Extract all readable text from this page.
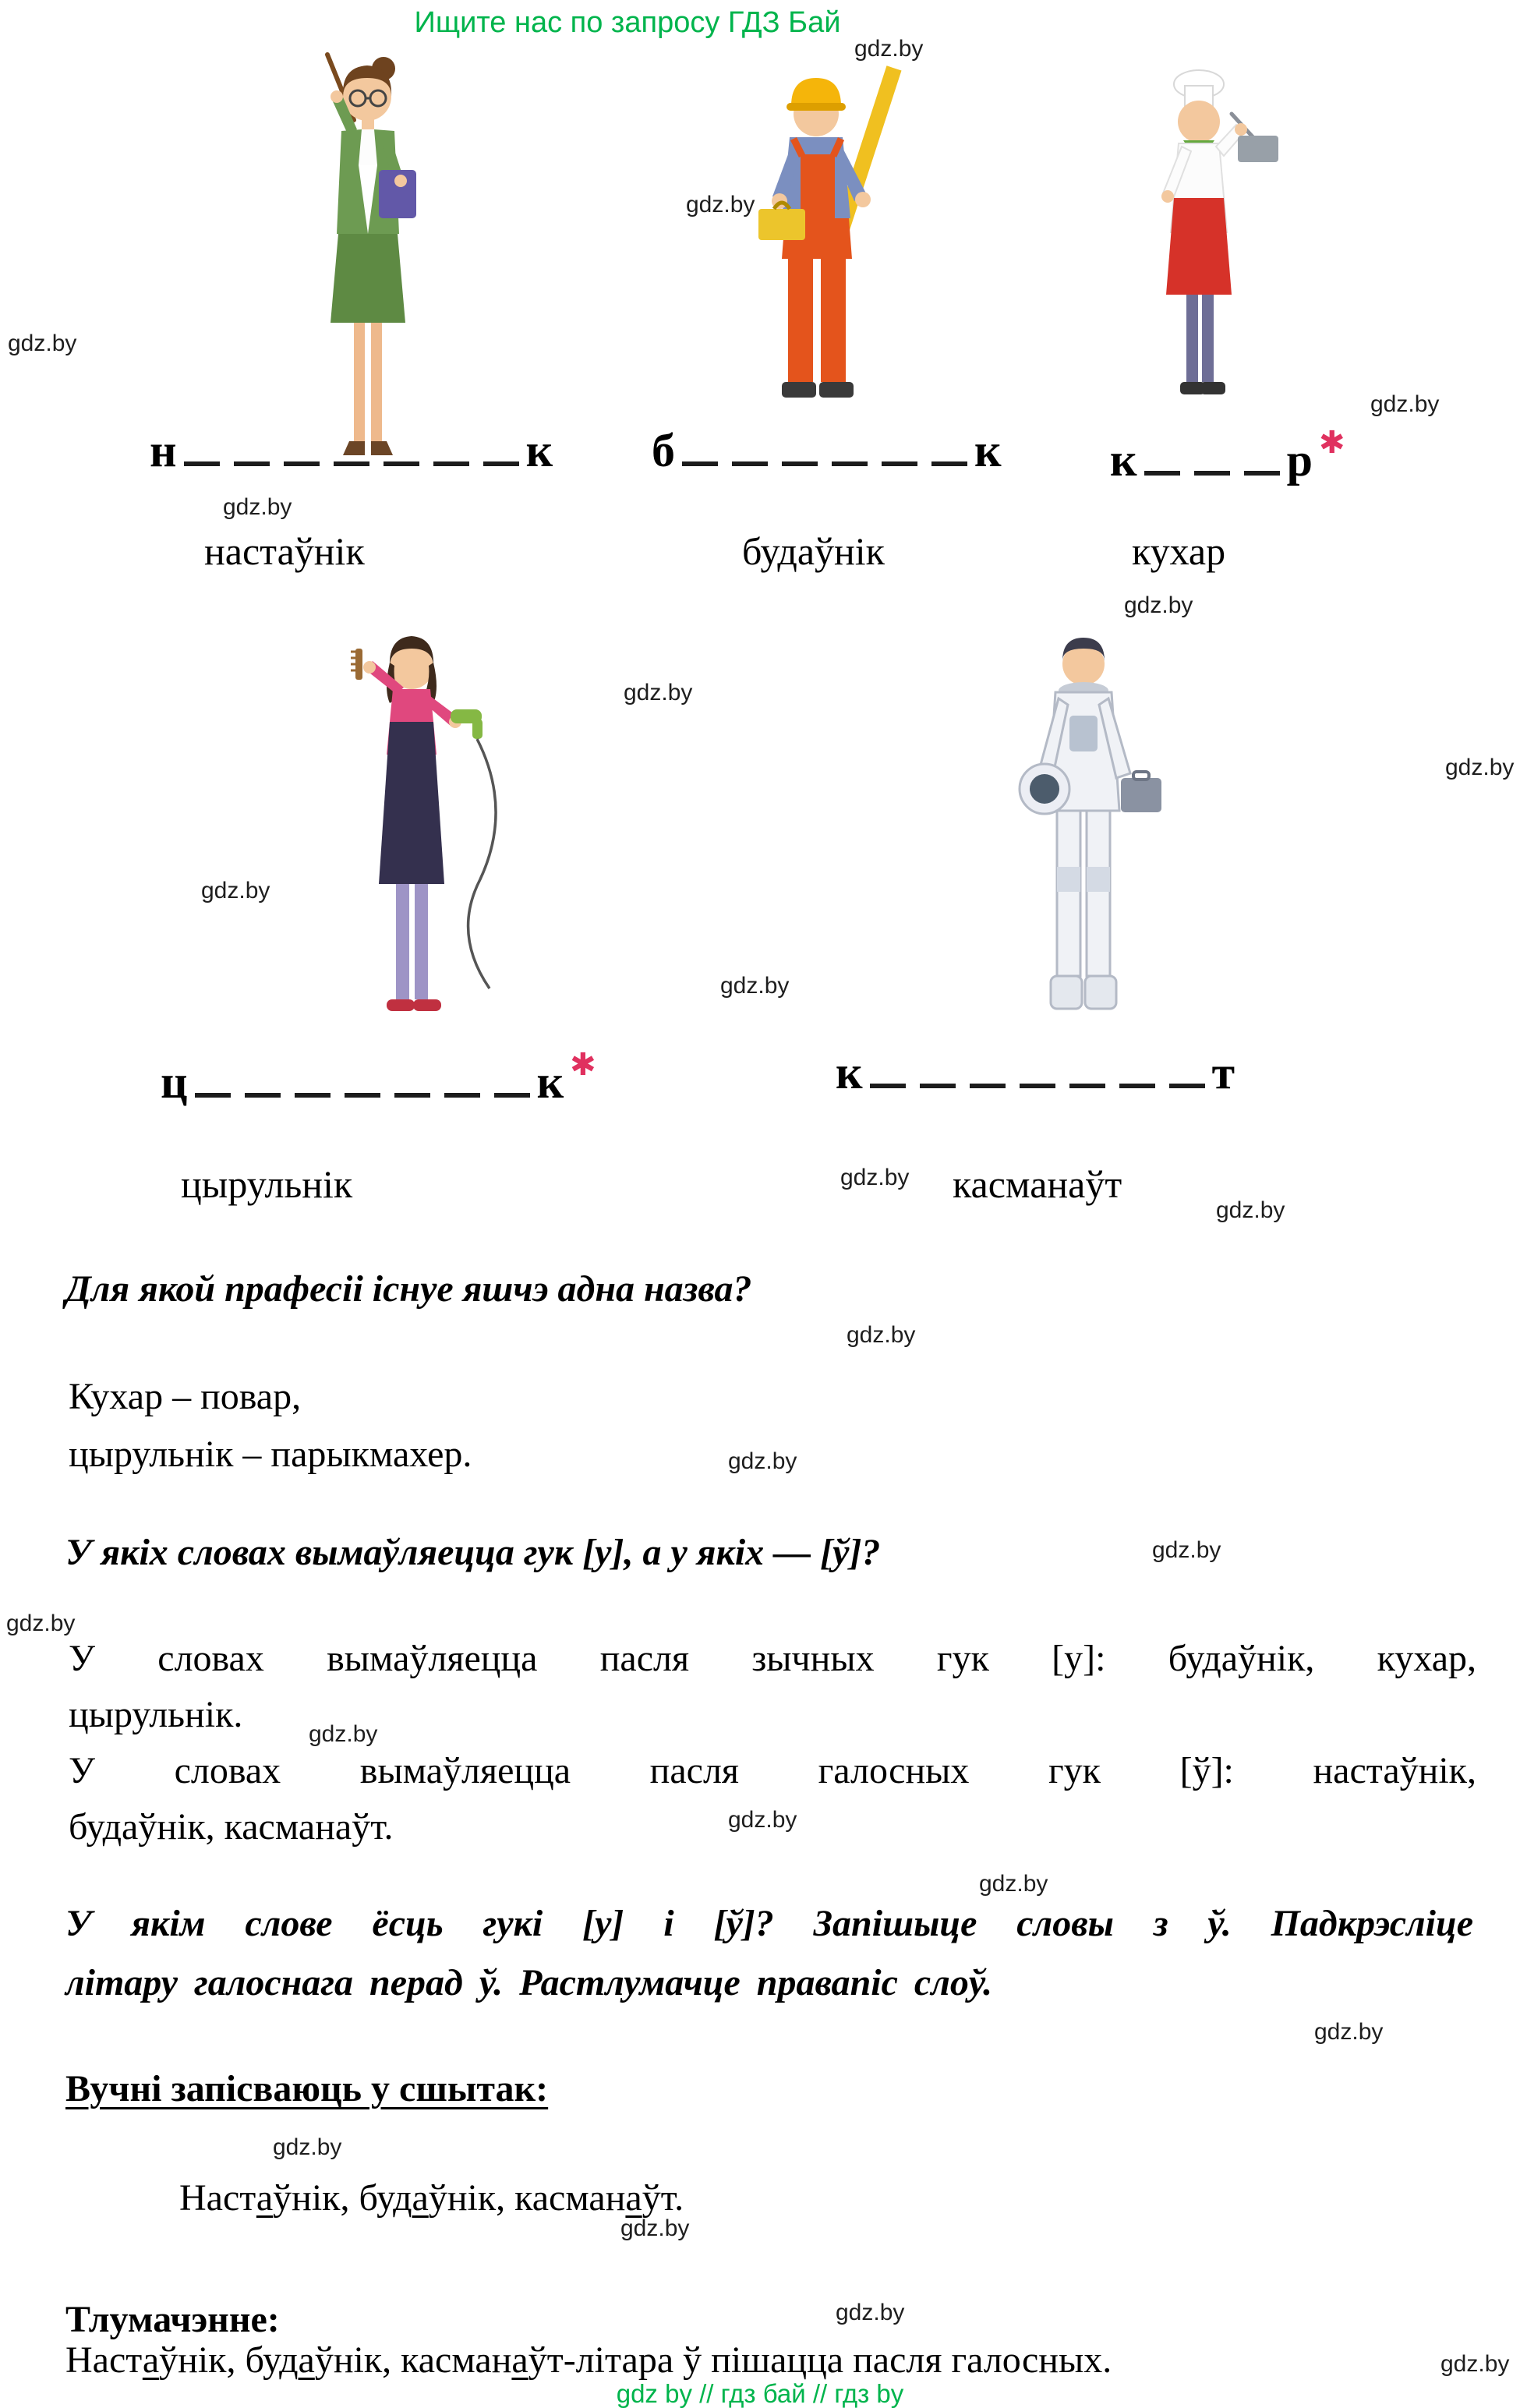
Ищите нас по запросу ГДЗ Бай
gdz.by
gdz.by
gdz.by
gdz.by
gdz.by
gdz.by
gdz.by
gdz.by
gdz.by
gdz.by
gdz.by
gdz.by
gdz.by
gdz.by
gdz.by
gdz.by
gdz.by
gdz.by
gdz.by
gdz.by
gdz.by
gdz.by
gdz.by
gdz.by
н	к б	к к	р ✱
настаўнік	будаўнік	кухар
ц	к ✱	к	т
цырульнік	касманаўт
Для якой прафесіі існуе яшчэ адна назва?
Кухар – повар,
цырульнік – парыкмахер.
У якіх словах вымаўляецца гук [у], а у якіх — [ў]?
У словах вымаўляецца пасля зычных гук [у]: будаўнік, кухар,
цырульнік.
У словах вымаўляецца пасля галосных гук [ў]: настаўнік,
будаўнік, касманаўт.
У якім слове ёсць гукі [у] і [ў]? Запішыце словы з ў. Падкрэсліце
літару галоснага перад ў. Растлумачце правапіс слоў.
Вучні запісваюць у сшытак:
Настаўнік, будаўнік, касманаўт.
Тлумачэнне:
Настаўнік, будаўнік, касманаўт-літара ў пішацца пасля галосных.
gdz by // гдз бай // гдз by
